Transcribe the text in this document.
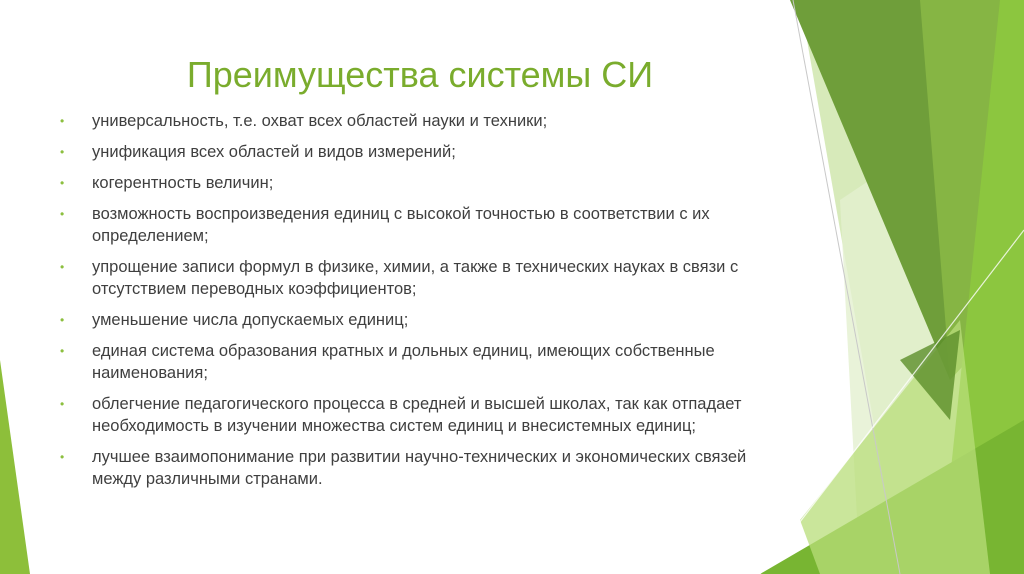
Преимущества системы СИ
• универсальность, т.е. охват всех областей науки и техники;
• унификация всех областей и видов измерений;
• когерентность величин;
• возможность воспроизведения единиц с высокой точностью в соответствии с их определением;
• упрощение записи формул в физике, химии, а также в технических науках в связи с отсутствием переводных коэффициентов;
• уменьшение числа допускаемых единиц;
• единая система образования кратных и дольных единиц, имеющих собственные наименования;
• облегчение педагогического процесса в средней и высшей школах, так как отпадает необходимость в изучении множества систем единиц и внесистемных единиц;
• лучшее взаимопонимание при развитии научно-технических и экономических связей между различными странами.
